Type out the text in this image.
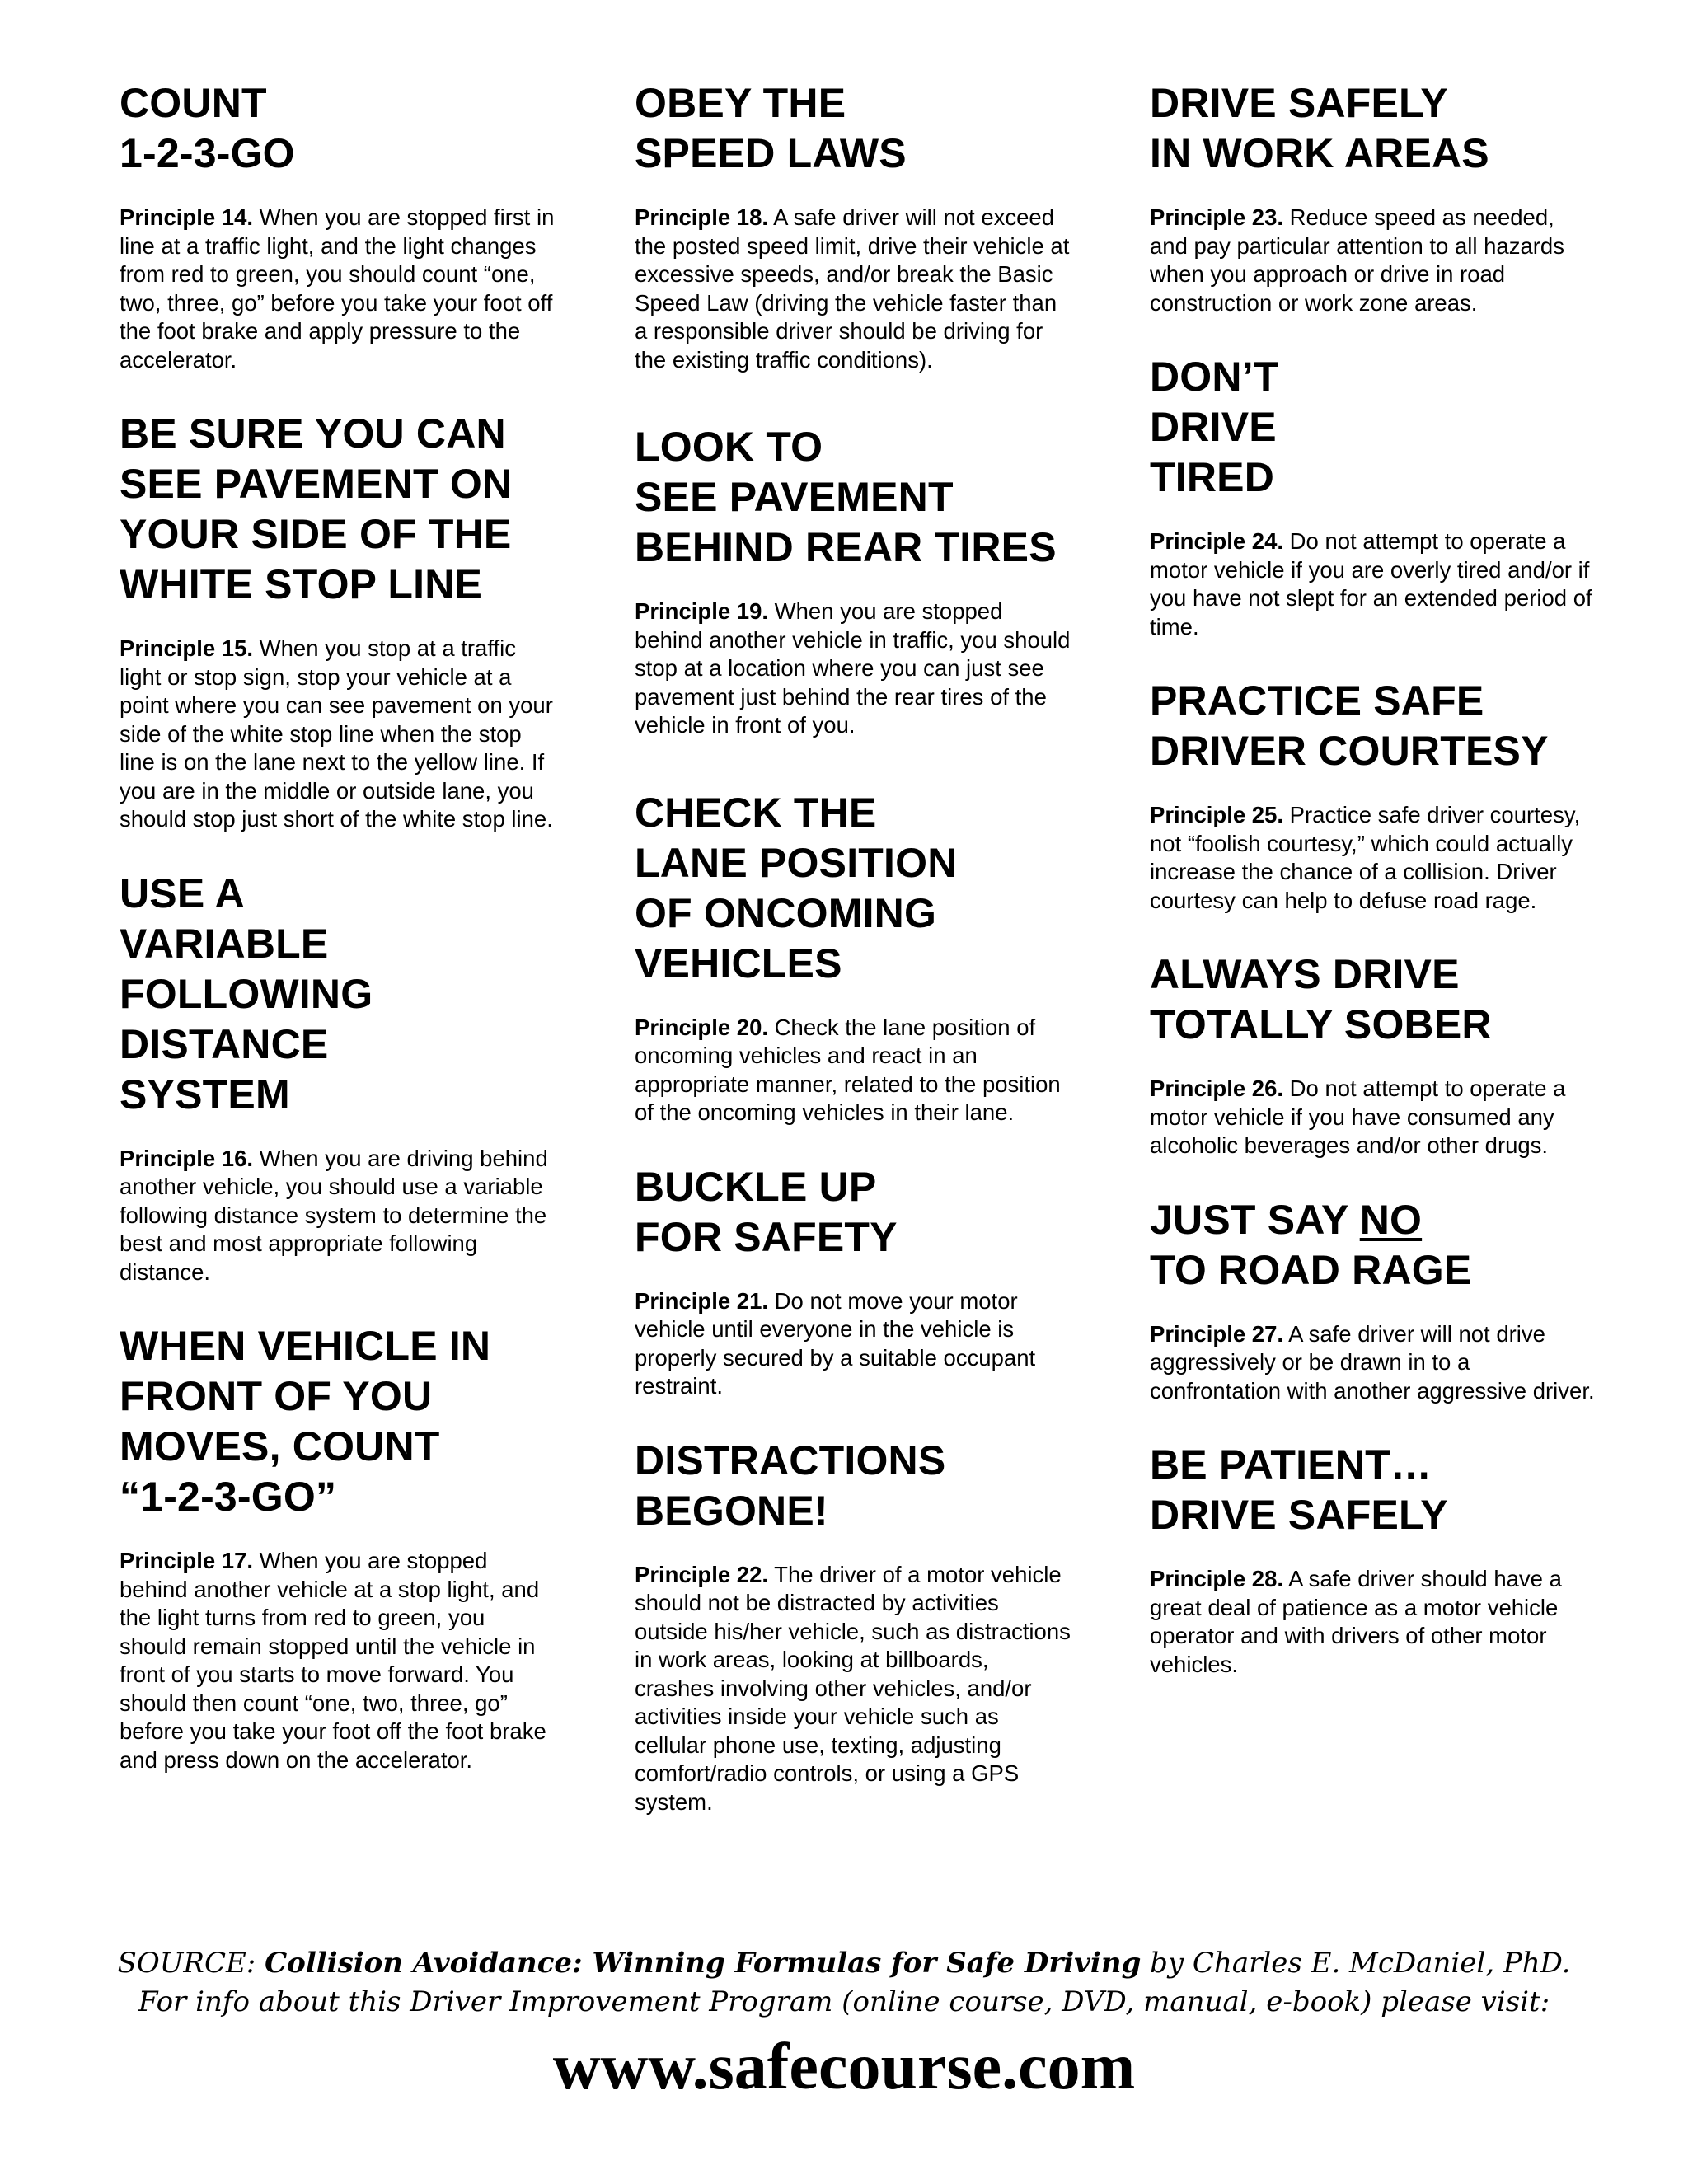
COUNT
1-2-3-GO

Principle 14. When you are stopped first in line at a traffic light, and the light changes from red to green, you should count “one, two, three, go” before you take your foot off the foot brake and apply pressure to the accelerator.

BE SURE YOU CAN
SEE PAVEMENT ON
YOUR SIDE OF THE
WHITE STOP LINE

Principle 15. When you stop at a traffic light or stop sign, stop your vehicle at a point where you can see pavement on your side of the white stop line when the stop line is on the lane next to the yellow line. If you are in the middle or outside lane, you should stop just short of the white stop line.

USE A
VARIABLE
FOLLOWING
DISTANCE
SYSTEM

Principle 16. When you are driving behind another vehicle, you should use a variable following distance system to determine the best and most appropriate following distance.

WHEN VEHICLE IN
FRONT OF YOU
MOVES, COUNT
“1-2-3-GO”

Principle 17. When you are stopped behind another vehicle at a stop light, and the light turns from red to green, you should remain stopped until the vehicle in front of you starts to move forward. You should then count “one, two, three, go” before you take your foot off the foot brake and press down on the accelerator.

OBEY THE
SPEED LAWS

Principle 18. A safe driver will not exceed the posted speed limit, drive their vehicle at excessive speeds, and/or break the Basic Speed Law (driving the vehicle faster than a responsible driver should be driving for the existing traffic conditions).

LOOK TO
SEE PAVEMENT
BEHIND REAR TIRES

Principle 19. When you are stopped behind another vehicle in traffic, you should stop at a location where you can just see pavement just behind the rear tires of the vehicle in front of you.

CHECK THE
LANE POSITION
OF ONCOMING
VEHICLES

Principle 20. Check the lane position of oncoming vehicles and react in an appropriate manner, related to the position of the oncoming vehicles in their lane.

BUCKLE UP
FOR SAFETY

Principle 21. Do not move your motor vehicle until everyone in the vehicle is properly secured by a suitable occupant restraint.

DISTRACTIONS
BEGONE!

Principle 22. The driver of a motor vehicle should not be distracted by activities outside his/her vehicle, such as distractions in work areas, looking at billboards, crashes involving other vehicles, and/or activities inside your vehicle such as cellular phone use, texting, adjusting comfort/radio controls, or using a GPS system.

DRIVE SAFELY
IN WORK AREAS

Principle 23. Reduce speed as needed, and pay particular attention to all hazards when you approach or drive in road construction or work zone areas.

DON’T
DRIVE
TIRED

Principle 24. Do not attempt to operate a motor vehicle if you are overly tired and/or if you have not slept for an extended period of time.

PRACTICE SAFE
DRIVER COURTESY

Principle 25. Practice safe driver courtesy, not “foolish courtesy,” which could actually increase the chance of a collision. Driver courtesy can help to defuse road rage.

ALWAYS DRIVE
TOTALLY SOBER

Principle 26. Do not attempt to operate a motor vehicle if you have consumed any alcoholic beverages and/or other drugs.

JUST SAY NO
TO ROAD RAGE

Principle 27. A safe driver will not drive aggressively or be drawn in to a confrontation with another aggressive driver.

BE PATIENT…
DRIVE SAFELY

Principle 28. A safe driver should have a great deal of patience as a motor vehicle operator and with drivers of other motor vehicles.

SOURCE: Collision Avoidance: Winning Formulas for Safe Driving by Charles E. McDaniel, PhD.
For info about this Driver Improvement Program (online course, DVD, manual, e-book) please visit:
www.safecourse.com
